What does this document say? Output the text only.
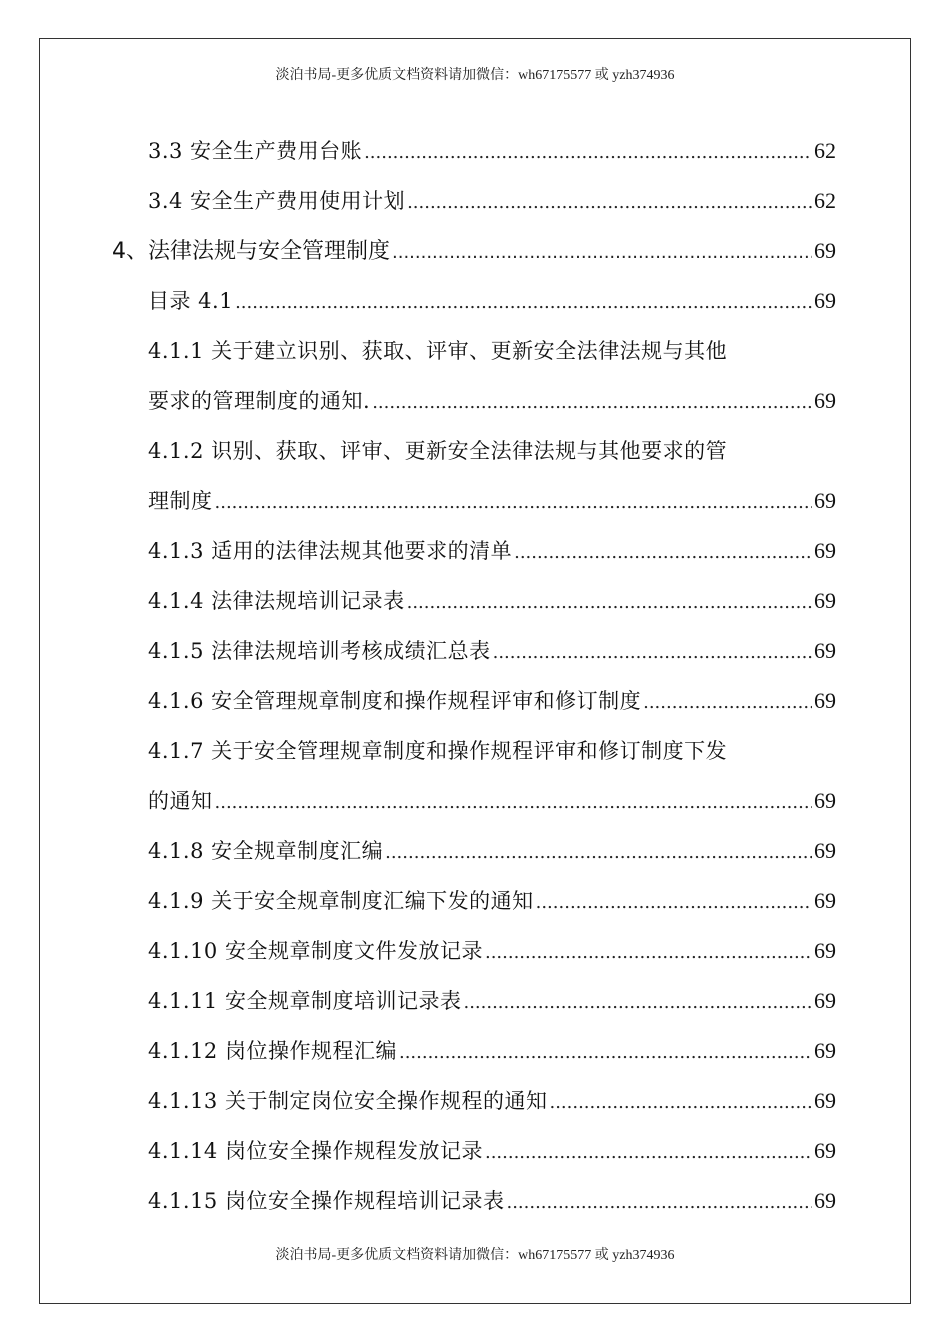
淡泊书局-更多优质文档资料请加微信：wh67175577 或 yzh374936
3.3 安全生产费用台账 .....	62
3.4 安全生产费用使用计划 .....	62
4、法律法规与安全管理制度 .....	69
目录 4.1 .....	69
4.1.1 关于建立识别、获取、评审、更新安全法律法规与其他
要求的管理制度的通知. .....	69
4.1.2 识别、获取、评审、更新安全法律法规与其他要求的管
理制度 .....	69
4.1.3 适用的法律法规其他要求的清单 .....	69
4.1.4 法律法规培训记录表 .....	69
4.1.5 法律法规培训考核成绩汇总表 .....	69
4.1.6 安全管理规章制度和操作规程评审和修订制度 .....	69
4.1.7 关于安全管理规章制度和操作规程评审和修订制度下发
的通知 .....	69
4.1.8 安全规章制度汇编 .....	69
4.1.9 关于安全规章制度汇编下发的通知 .....	69
4.1.10 安全规章制度文件发放记录 .....	69
4.1.11 安全规章制度培训记录表 .....	69
4.1.12 岗位操作规程汇编 .....	69
4.1.13 关于制定岗位安全操作规程的通知 .....	69
4.1.14 岗位安全操作规程发放记录 .....	69
4.1.15 岗位安全操作规程培训记录表 .....	69
淡泊书局-更多优质文档资料请加微信：wh67175577 或 yzh374936
